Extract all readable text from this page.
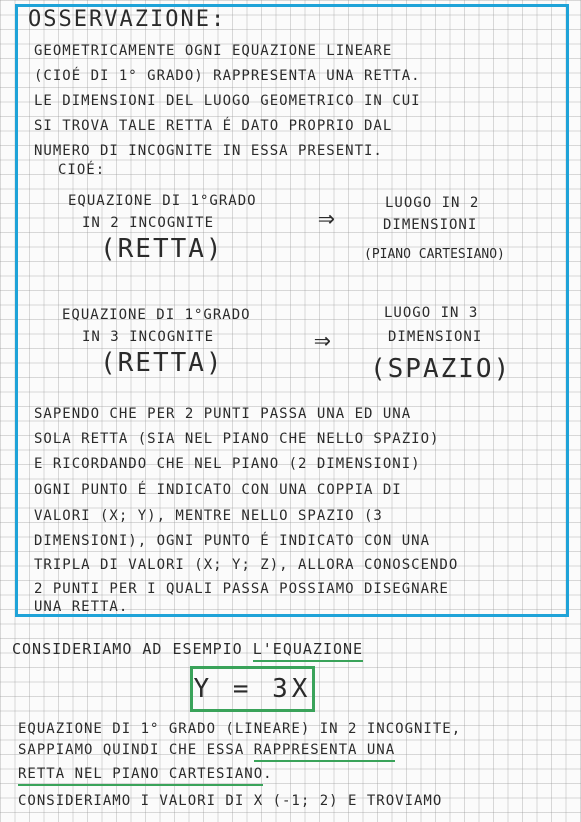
OSSERVAZIONE:
GEOMETRICAMENTE OGNI EQUAZIONE LINEARE
(CIOÉ DI 1° GRADO) RAPPRESENTA UNA RETTA.
LE DIMENSIONI DEL LUOGO GEOMETRICO IN CUI
SI TROVA TALE RETTA É DATO PROPRIO DAL
NUMERO DI INCOGNITE IN ESSA PRESENTI.
CIOÉ:
EQUAZIONE DI 1°GRADO
IN 2 INCOGNITE
(RETTA)
⇒	LUOGO IN 2
DIMENSIONI
(PIANO CARTESIANO)
EQUAZIONE DI 1°GRADO
IN 3 INCOGNITE
(RETTA)
⇒
LUOGO IN 3
DIMENSIONI
(SPAZIO)
SAPENDO CHE PER 2 PUNTI PASSA UNA ED UNA
SOLA RETTA (SIA NEL PIANO CHE NELLO SPAZIO)
E RICORDANDO CHE NEL PIANO (2 DIMENSIONI)
OGNI PUNTO É INDICATO CON UNA COPPIA DI
VALORI (X; Y), MENTRE NELLO SPAZIO (3
DIMENSIONI), OGNI PUNTO É INDICATO CON UNA
TRIPLA DI VALORI (X; Y; Z), ALLORA CONOSCENDO
2 PUNTI PER I QUALI PASSA POSSIAMO DISEGNARE
UNA RETTA.
CONSIDERIAMO AD ESEMPIO L'EQUAZIONE
Y = 3X
EQUAZIONE DI 1° GRADO (LINEARE) IN 2 INCOGNITE,
SAPPIAMO QUINDI CHE ESSA RAPPRESENTA UNA
RETTA NEL PIANO CARTESIANO.
CONSIDERIAMO I VALORI DI X (-1; 2) E TROVIAMO
